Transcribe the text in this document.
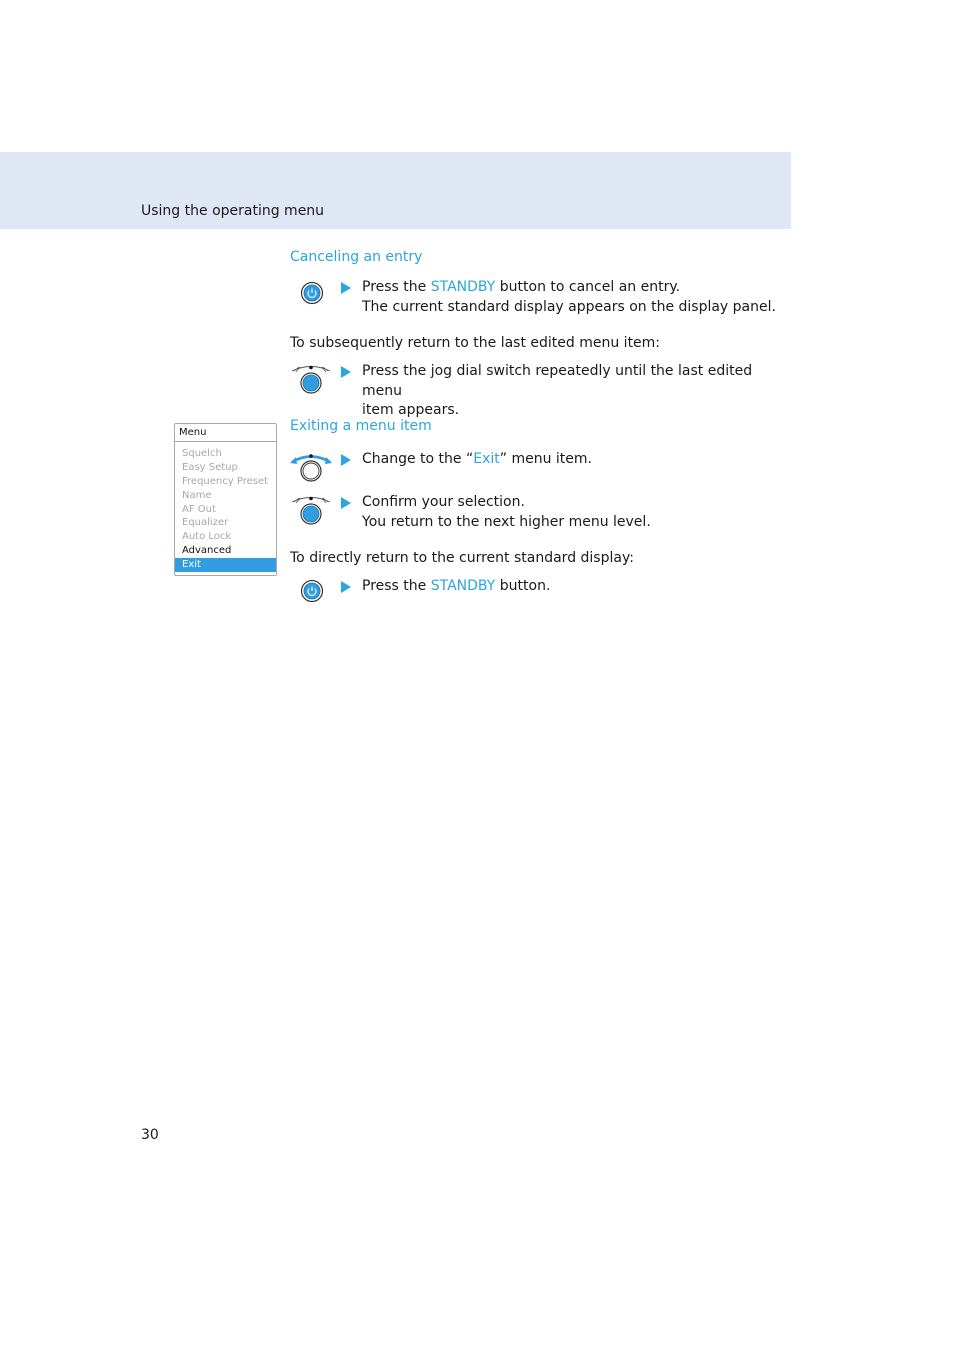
Using the operating menu
Canceling an entry
Press the STANDBY button to cancel an entry.
The current standard display appears on the display panel.
To subsequently return to the last edited menu item:
Press the jog dial switch repeatedly until the last edited menu
item appears.
Menu
Squelch
Easy Setup
Frequency Preset
Name
AF Out
Equalizer
Auto Lock
Advanced
Exit
Exiting a menu item
Change to the “Exit” menu item.
Confirm your selection.
You return to the next higher menu level.
To directly return to the current standard display:
Press the STANDBY button.
30
